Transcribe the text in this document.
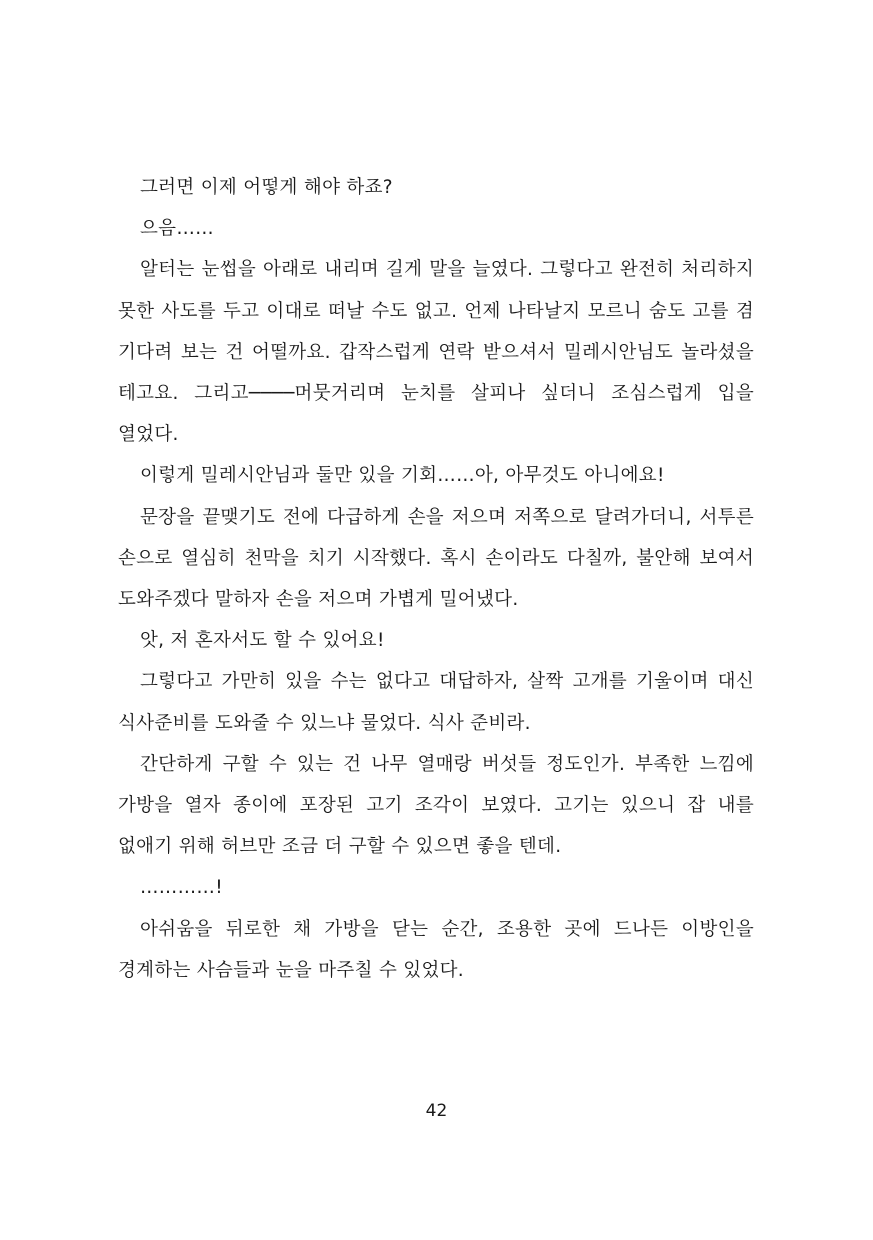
그러면 이제 어떻게 해야 하죠?

으음……

알터는 눈썹을 아래로 내리며 길게 말을 늘였다. 그렇다고 완전히 처리하지 못한 사도를 두고 이대로 떠날 수도 없고. 언제 나타날지 모르니 숨도 고를 겸 기다려 보는 건 어떨까요. 갑작스럽게 연락 받으셔서 밀레시안님도 놀라셨을 테고요. 그리고────머뭇거리며 눈치를 살피나 싶더니 조심스럽게 입을 열었다.

이렇게 밀레시안님과 둘만 있을 기회……아, 아무것도 아니에요!

문장을 끝맺기도 전에 다급하게 손을 저으며 저쪽으로 달려가더니, 서투른 손으로 열심히 천막을 치기 시작했다. 혹시 손이라도 다칠까, 불안해 보여서 도와주겠다 말하자 손을 저으며 가볍게 밀어냈다.

앗, 저 혼자서도 할 수 있어요!

그렇다고 가만히 있을 수는 없다고 대답하자, 살짝 고개를 기울이며 대신 식사준비를 도와줄 수 있느냐 물었다. 식사 준비라.

간단하게 구할 수 있는 건 나무 열매랑 버섯들 정도인가. 부족한 느낌에 가방을 열자 종이에 포장된 고기 조각이 보였다. 고기는 있으니 잡 내를 없애기 위해 허브만 조금 더 구할 수 있으면 좋을 텐데.

…………!

아쉬움을 뒤로한 채 가방을 닫는 순간, 조용한 곳에 드나든 이방인을 경계하는 사슴들과 눈을 마주칠 수 있었다.

42
